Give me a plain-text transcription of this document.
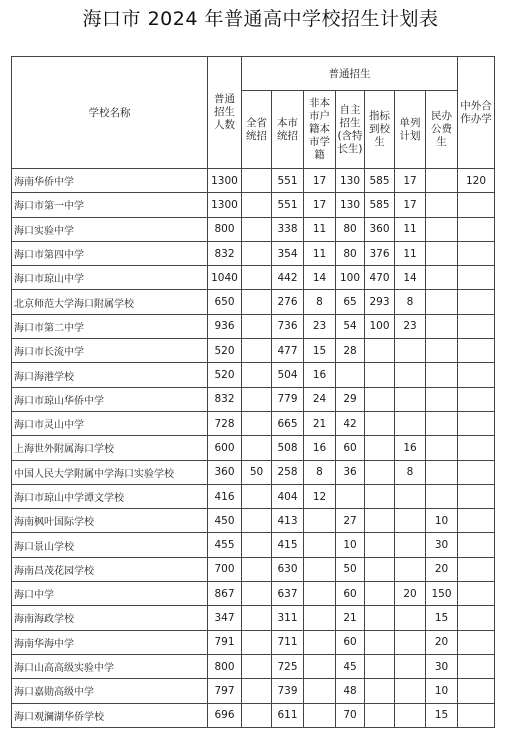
海口市 2024 年普通高中学校招生计划表
学校名称	普通招生人数	普通招生							中外合作办学
		全省统招	本市统招	非本市户籍本市学籍	自主招生(含特长生)	指标到校生	单列计划	民办公费生	
海南华侨中学	1300		551	17	130	585	17		120
海口市第一中学	1300		551	17	130	585	17		
海口实验中学	800		338	11	80	360	11		
海口市第四中学	832		354	11	80	376	11		
海口市琼山中学	1040		442	14	100	470	14		
北京师范大学海口附属学校	650		276	8	65	293	8		
海口市第二中学	936		736	23	54	100	23		
海口市长流中学	520		477	15	28				
海口海港学校	520		504	16					
海口市琼山华侨中学	832		779	24	29				
海口市灵山中学	728		665	21	42				
上海世外附属海口学校	600		508	16	60		16		
中国人民大学附属中学海口实验学校	360	50	258	8	36		8		
海口市琼山中学谭文学校	416		404	12					
海南枫叶国际学校	450		413		27			10	
海口景山学校	455		415		10			30	
海南昌茂花园学校	700		630		50			20	
海口中学	867		637		60		20	150	
海南海政学校	347		311		21			15	
海南华海中学	791		711		60			20	
海口山高高级实验中学	800		725		45			30	
海口嘉勋高级中学	797		739		48			10	
海口观澜湖华侨学校	696		611		70			15	
